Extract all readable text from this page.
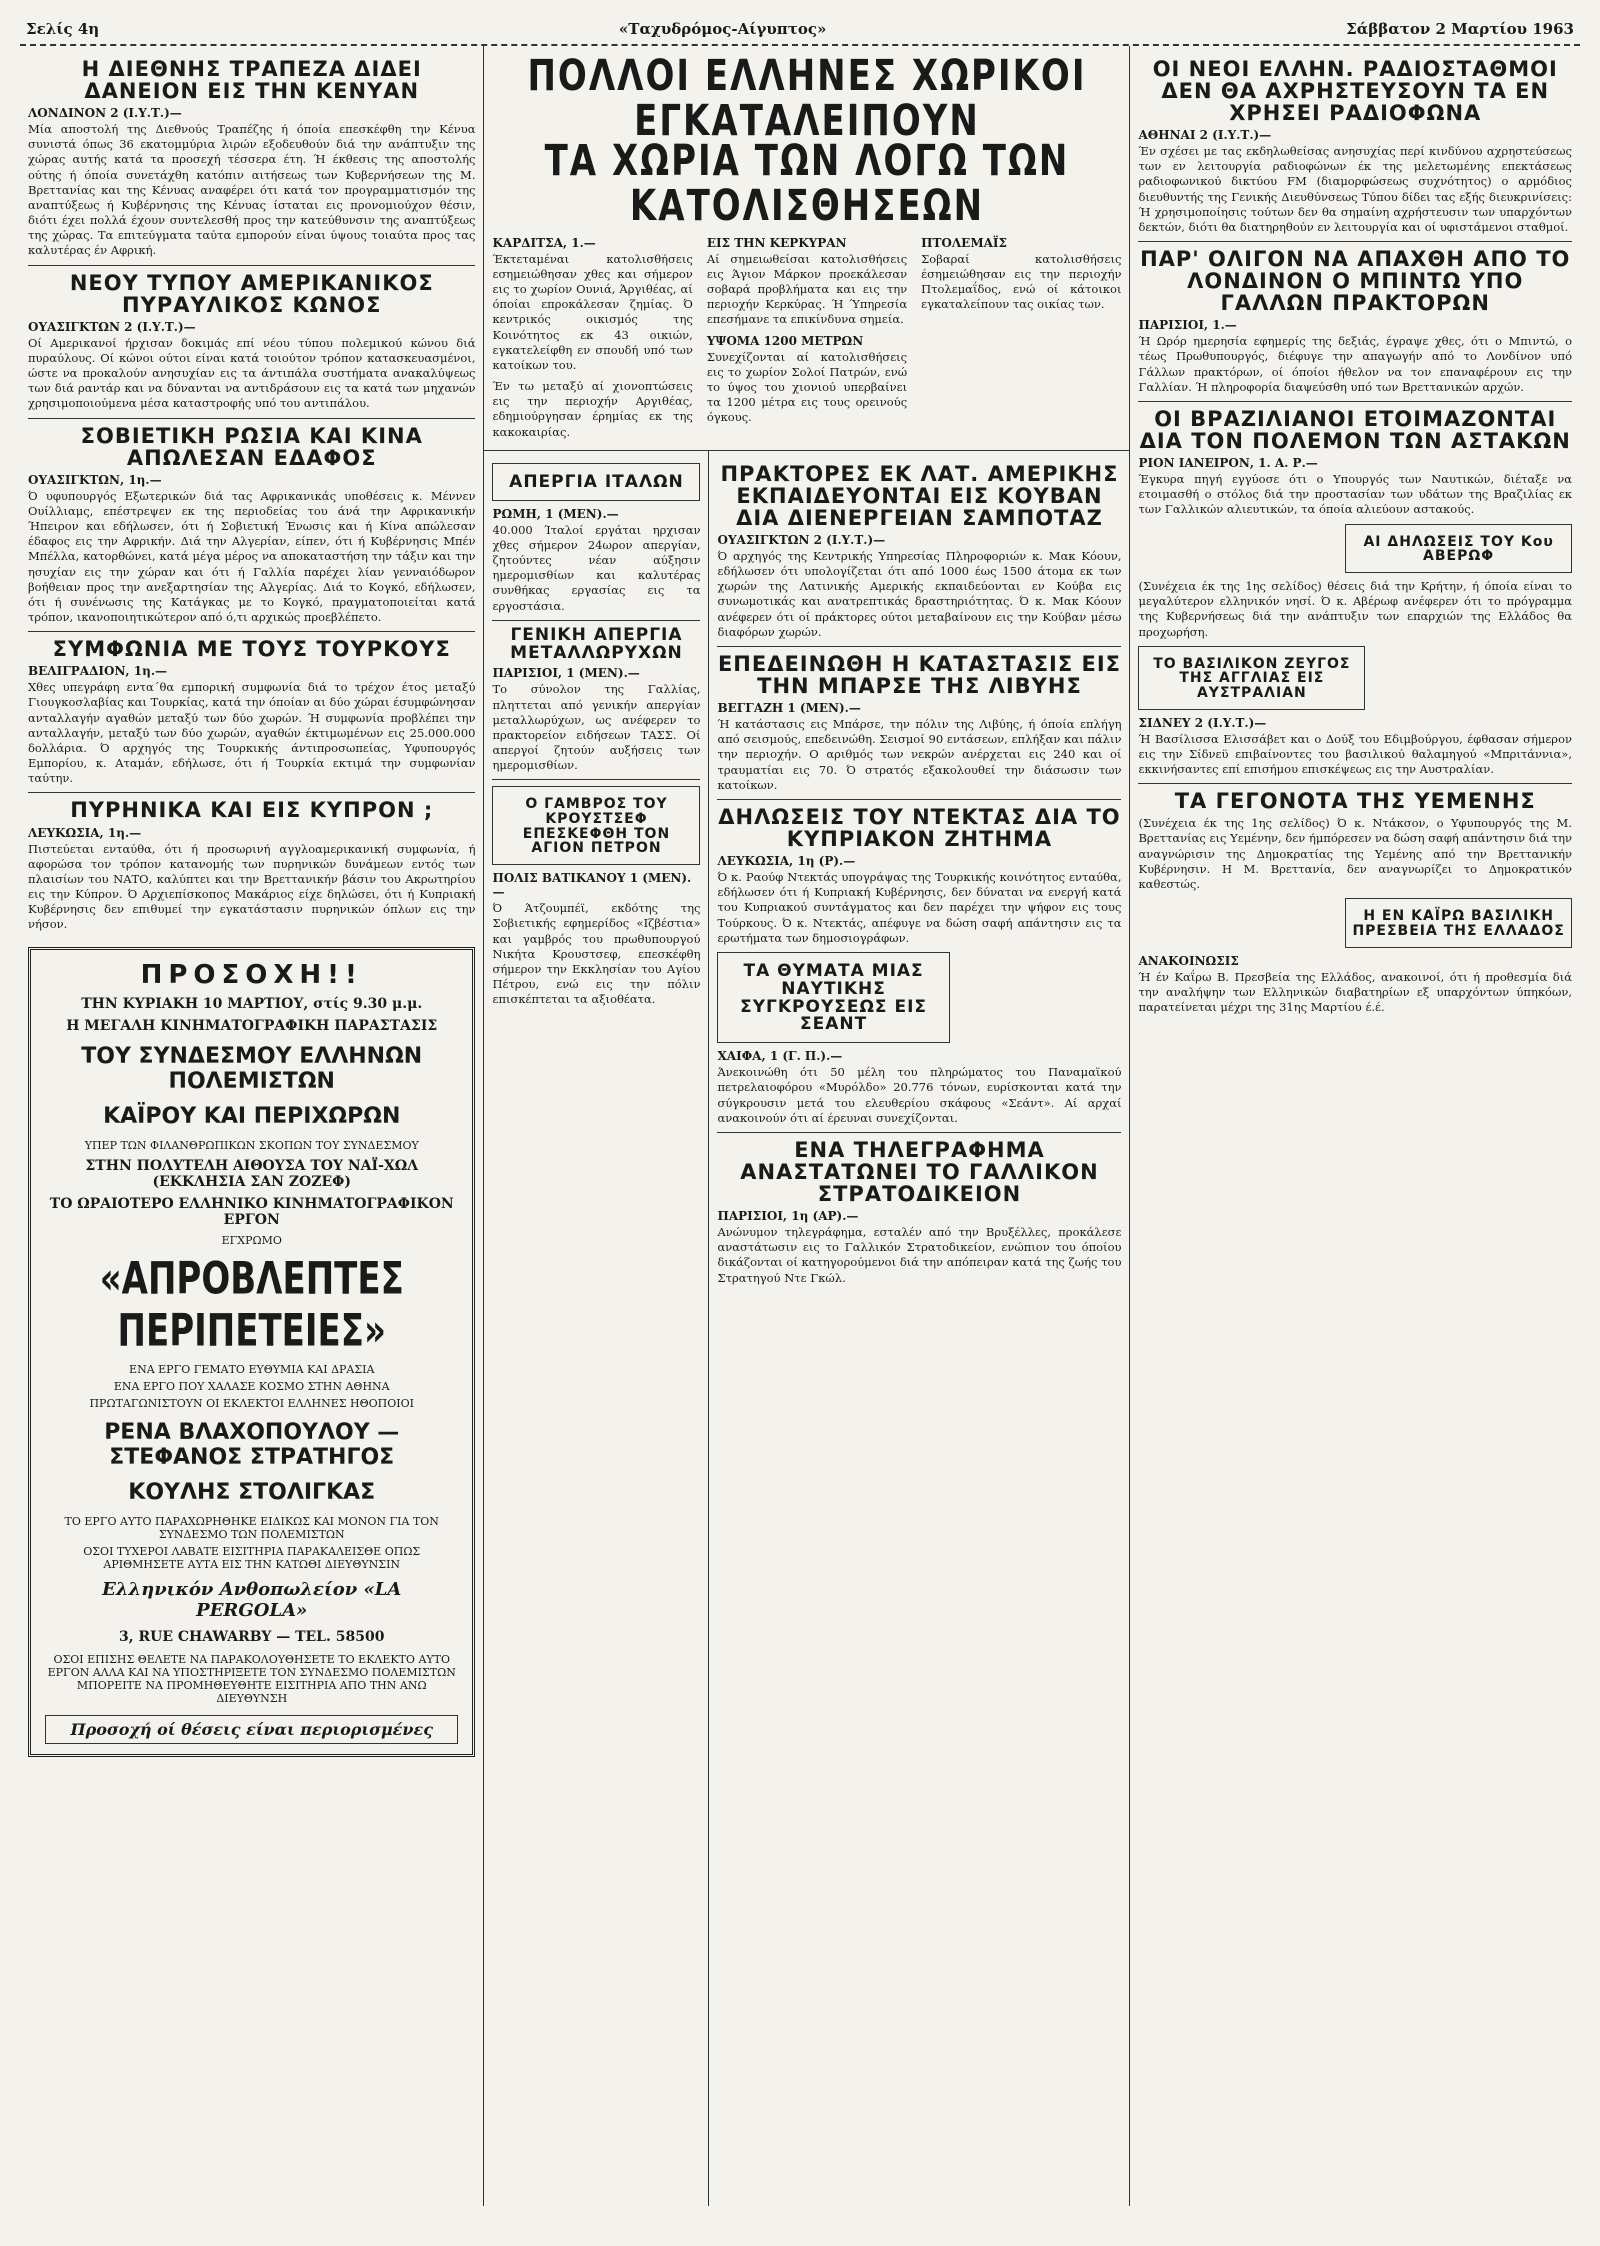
Σελίς 4η	«Ταχυδρόμος-Αίγυπτος»	Σάββατον 2 Μαρτίου 1963
Η ΔΙΕΘΝΗΣ ΤΡΑΠΕΖΑ ΔΙΔΕΙ ΔΑΝΕΙΟΝ ΕΙΣ ΤΗΝ ΚΕΝΥΑΝ
ΛΟΝΔΙΝΟΝ 2 (Ι.Υ.Τ.)—

Μία αποστολή της Διεθνούς Τραπέζης ή όποία επεσκέφθη την Κένυα συνιστά όπως 36 εκατομμύρια λιρών εξοδευθούν διά την ανάπτυξιν της χώρας αυτής κατά τα προσεχή τέσσερα έτη. Ή έκθεσις της αποστολής ούτης ή όποία συνετάχθη κατόπιν αιτήσεως των Κυβερνήσεων της Μ. Βρεττανίας και της Κένυας αναφέρει ότι κατά τον προγραμματισμόν της αναπτύξεως ή Κυβέρνησις της Κένυας ίσταται εις προνομιούχον θέσιν, διότι έχει πολλά έχουν συντελεσθή προς την κατεύθυνσιν της αναπτύξεως της χώρας. Τα επιτεύγματα ταύτα εμπορούν είναι ύψους τοιαύτα προς τας καλυτέρας έν Αφρική.

ΝΕΟΥ ΤΥΠΟΥ ΑΜΕΡΙΚΑΝΙΚΟΣ ΠΥΡΑΥΛΙΚΟΣ ΚΩΝΟΣ
ΟΥΑΣΙΓΚΤΩΝ 2 (Ι.Υ.Τ.)—

Οί Αμερικανοί ήρχισαν δοκιμάς επί νέου τύπου πολεμικού κώνου διά πυραύλους. Οί κώνοι ούτοι είναι κατά τοιούτον τρόπον κατασκευασμένοι, ώστε να προκαλούν ανησυχίαν εις τα άντιπάλα συστήματα ανακαλύψεως των διά ραντάρ και να δύνανται να αντιδράσουν εις τα κατά των μηχανών χρησιμοποιούμενα μέσα καταστροφής υπό του αντιπάλου.

ΣΟΒΙΕΤΙΚΗ ΡΩΣΙΑ ΚΑΙ ΚΙΝΑ ΑΠΩΛΕΣΑΝ ΕΔΑΦΟΣ
ΟΥΑΣΙΓΚΤΩΝ, 1η.—

Ό υφυπουργός Εξωτερικών διά τας Αφρικανικάς υποθέσεις κ. Μέννεν Ουίλλιαμς, επέστρεψεν εκ της περιοδείας του άνά την Αφρικανικήν Ήπειρον και εδήλωσεν, ότι ή Σοβιετική Ένωσις και ή Κίνα απώλεσαν έδαφος εις την Αφρικήν. Διά την Αλγερίαν, είπεν, ότι ή Κυβέρνησις Μπέν Μπέλλα, κατορθώνει, κατά μέγα μέρος να αποκαταστήση την τάξιν και την ησυχίαν εις την χώραν και ότι ή Γαλλία παρέχει λίαν γενναιόδωρον βοήθειαν προς την ανεξαρτησίαν της Αλγερίας. Διά το Κογκό, εδήλωσεν, ότι ή συνένωσις της Κατάγκας με το Κογκό, πραγματοποιείται κατά τρόπον, ικανοποιητικώτερον από ό,τι αρχικώς προεβλέπετο.

ΣΥΜΦΩΝΙΑ ΜΕ ΤΟΥΣ ΤΟΥΡΚΟΥΣ
ΒΕΛΙΓΡΑΔΙΟΝ, 1η.—

Χθες υπεγράφη εντα΄θα εμπορική συμφωνία διά το τρέχον έτος μεταξύ Γιουγκοσλαβίας και Τουρκίας, κατά την όποίαν αι δύο χώραι έσυμφώνησαν ανταλλαγήν αγαθών μεταξύ των δύο χωρών. Ή συμφωνία προβλέπει την ανταλλαγήν, μεταξύ των δύο χωρών, αγαθών έκτιμωμένων εις 25.000.000 δολλάρια. Ό αρχηγός της Τουρκικής άντιπροσωπείας, Υφυπουργός Εμπορίου, κ. Αταμάν, εδήλωσε, ότι ή Τουρκία εκτιμά την συμφωνίαν ταύτην.

ΠΥΡΗΝΙΚΑ ΚΑΙ ΕΙΣ ΚΥΠΡΟΝ ;
ΛΕΥΚΩΣΙΑ, 1η.—

Πιστεύεται ενταύθα, ότι ή προσωρινή αγγλοαμερικανική συμφωνία, ή αφορώσα τον τρόπον κατανομής των πυρηνικών δυνάμεων εντός των πλαισίων του ΝΑΤΟ, καλύπτει και την Βρεττανικήν βάσιν του Ακρωτηρίου εις την Κύπρον. Ό Αρχιεπίσκοπος Μακάριος είχε δηλώσει, ότι ή Κυπριακή Κυβέρνησις δεν επιθυμεί την εγκατάστασιν πυρηνικών όπλων εις την νήσον.

ΠΡΟΣΟΧΗ!!
ΤΗΝ ΚΥΡΙΑΚΗ 10 ΜΑΡΤΙΟΥ, στίς 9.30 μ.μ.
Η ΜΕΓΑΛΗ ΚΙΝΗΜΑΤΟΓΡΑΦΙΚΗ ΠΑΡΑΣΤΑΣΙΣ
ΤΟΥ ΣΥΝΔΕΣΜΟΥ ΕΛΛΗΝΩΝ ΠΟΛΕΜΙΣΤΩΝ
ΚΑΪΡΟΥ ΚΑΙ ΠΕΡΙΧΩΡΩΝ
ΥΠΕΡ ΤΩΝ ΦΙΛΑΝΘΡΩΠΙΚΩΝ ΣΚΟΠΩΝ ΤΟΥ ΣΥΝΔΕΣΜΟΥ
ΣΤΗΝ ΠΟΛΥΤΕΛΗ ΑΙΘΟΥΣΑ ΤΟΥ ΝΑΪ-ΧΩΛ (ΕΚΚΛΗΣΙΑ ΣΑΝ ΖΟΖΕΦ)
ΤΟ ΩΡΑΙΟΤΕΡΟ ΕΛΛΗΝΙΚΟ ΚΙΝΗΜΑΤΟΓΡΑΦΙΚΟΝ ΕΡΓΟΝ
ΕΓΧΡΩΜΟ
«ΑΠΡΟΒΛΕΠΤΕΣ ΠΕΡΙΠΕΤΕΙΕΣ»
ΕΝΑ ΕΡΓΟ ΓΕΜΑΤΟ ΕΥΘΥΜΙΑ ΚΑΙ ΔΡΑΣΙΑ
ΕΝΑ ΕΡΓΟ ΠΟΥ ΧΑΛΑΣΕ ΚΟΣΜΟ ΣΤΗΝ ΑΘΗΝΑ
ΠΡΩΤΑΓΩΝΙΣΤΟΥΝ ΟΙ ΕΚΛΕΚΤΟΙ ΕΛΛΗΝΕΣ ΗΘΟΠΟΙΟΙ
ΡΕΝΑ ΒΛΑΧΟΠΟΥΛΟΥ — ΣΤΕΦΑΝΟΣ ΣΤΡΑΤΗΓΟΣ
ΚΟΥΛΗΣ ΣΤΟΛΙΓΚΑΣ
ΤΟ ΕΡΓΟ ΑΥΤΟ ΠΑΡΑΧΩΡΗΘΗΚΕ ΕΙΔΙΚΩΣ ΚΑΙ ΜΟΝΟΝ ΓΙΑ ΤΟΝ ΣΥΝΔΕΣΜΟ ΤΩΝ ΠΟΛΕΜΙΣΤΩΝ
ΟΣΟΙ ΤΥΧΕΡΟΙ ΛΑΒΑΤΕ ΕΙΣΙΤΗΡΙΑ ΠΑΡΑΚΑΛΕΙΣΘΕ ΟΠΩΣ ΑΡΙΘΜΗΣΕΤΕ ΑΥΤΑ ΕΙΣ ΤΗΝ ΚΑΤΩΘΙ ΔΙΕΥΘΥΝΣΙΝ
Ελληνικόν Ανθοπωλείον «LA PERGOLA»
3, RUE CHAWARBY — TEL. 58500
ΟΣΟΙ ΕΠΙΣΗΣ ΘΕΛΕΤΕ ΝΑ ΠΑΡΑΚΟΛΟΥΘΗΣΕΤΕ ΤΟ ΕΚΛΕΚΤΟ ΑΥΤΟ ΕΡΓΟΝ ΑΛΛΑ ΚΑΙ ΝΑ ΥΠΟΣΤΗΡΙΞΕΤΕ ΤΟΝ ΣΥΝΔΕΣΜΟ ΠΟΛΕΜΙΣΤΩΝ ΜΠΟΡΕΙΤΕ ΝΑ ΠΡΟΜΗΘΕΥΘΗΤΕ ΕΙΣΙΤΗΡΙΑ ΑΠΟ ΤΗΝ ΑΝΩ ΔΙΕΥΘΥΝΣΗ
Προσοχή οί θέσεις είναι περιορισμένες
ΠΟΛΛΟΙ ΕΛΛΗΝΕΣ ΧΩΡΙΚΟΙ ΕΓΚΑΤΑΛΕΙΠΟΥΝ
ΤΑ ΧΩΡΙΑ ΤΩΝ ΛΟΓΩ ΤΩΝ ΚΑΤΟΛΙΣΘΗΣΕΩΝ
ΚΑΡΔΙΤΣΑ, 1.—

Έκτεταμέναι κατολισθήσεις εσημειώθησαν χθες και σήμερον εις το χωρίον Ουνιά, Άργιθέας, αί όποίαι επροκάλεσαν ζημίας. Ό κεντρικός οικισμός της Κοινότητος εκ 43 οικιών, εγκατελείφθη εν σπουδή υπό των κατοίκων του.

Έν τω μεταξύ αί χιονοπτώσεις εις την περιοχήν Αργιθέας, εδημιούργησαν έρημίας εκ της κακοκαιρίας.

ΕΙΣ ΤΗΝ ΚΕΡΚΥΡΑΝ

Αί σημειωθείσαι κατολισθήσεις εις Άγιον Μάρκον προεκάλεσαν σοβαρά προβλήματα και εις την περιοχήν Κερκύρας. Ή Ύπηρεσία επεσήμανε τα επικίνδυνα σημεία.

ΥΨΟΜΑ 1200 ΜΕΤΡΩΝ

Συνεχίζονται αί κατολισθήσεις εις το χωρίον Σολοί Πατρών, ενώ το ύψος του χιονιού υπερβαίνει τα 1200 μέτρα εις τους ορεινούς όγκους.

ΠΤΟΛΕΜΑΪΣ

Σοβαραί κατολισθήσεις έσημειώθησαν εις την περιοχήν Πτολεμαΐδος, ενώ οί κάτοικοι εγκαταλείπουν τας οικίας των.

ΑΠΕΡΓΙΑ ΙΤΑΛΩΝ
ΡΩΜΗ, 1 (ΜΕΝ).—

40.000 Ίταλοί εργάται ηρχισαν χθες σήμερον 24ωρον απεργίαν, ζητούντες νέαν αύξησιν ημερομισθίων και καλυτέρας συνθήκας εργασίας εις τα εργοστάσια.

ΓΕΝΙΚΗ ΑΠΕΡΓΙΑ ΜΕΤΑΛΛΩΡΥΧΩΝ
ΠΑΡΙΣΙΟΙ, 1 (ΜΕΝ).—

Το σύνολον της Γαλλίας, πληττεται από γενικήν απεργίαν μεταλλωρύχων, ως ανέφερεν το πρακτορείον ειδήσεων ΤΑΣΣ. Οί απεργοί ζητούν αυξήσεις των ημερομισθίων.

Ο ΓΑΜΒΡΟΣ ΤΟΥ ΚΡΟΥΣΤΣΕΦ ΕΠΕΣΚΕΦΘΗ ΤΟΝ ΑΓΙΟΝ ΠΕΤΡΟΝ
ΠΟΛΙΣ ΒΑΤΙΚΑΝΟΥ 1 (ΜΕΝ).—

Ό Άτζουμπέϊ, εκδότης της Σοβιετικής εφημερίδος «Ιζβέστια» και γαμβρός του πρωθυπουργού Νικήτα Κρουστσεφ, επεσκέφθη σήμερον την Εκκλησίαν του Αγίου Πέτρου, ενώ εις την πόλιν επισκέπτεται τα αξιοθέατα.

ΠΡΑΚΤΟΡΕΣ ΕΚ ΛΑΤ. ΑΜΕΡΙΚΗΣ ΕΚΠΑΙΔΕΥΟΝΤΑΙ ΕΙΣ ΚΟΥΒΑΝ ΔΙΑ ΔΙΕΝΕΡΓΕΙΑΝ ΣΑΜΠΟΤΑΖ
ΟΥΑΣΙΓΚΤΩΝ 2 (Ι.Υ.Τ.)—

Ό αρχηγός της Κεντρικής Υπηρεσίας Πληροφοριών κ. Μακ Κόουν, εδήλωσεν ότι υπολογίζεται ότι από 1000 έως 1500 άτομα εκ των χωρών της Λατινικής Αμερικής εκπαιδεύονται εν Κούβα εις συνωμοτικάς και ανατρεπτικάς δραστηριότητας. Ό κ. Μακ Κόουν ανέφερεν ότι οί πράκτορες ούτοι μεταβαίνουν εις την Κούβαν μέσω διαφόρων χωρών.

ΕΠΕΔΕΙΝΩΘΗ Η ΚΑΤΑΣΤΑΣΙΣ ΕΙΣ ΤΗΝ ΜΠΑΡΣΕ ΤΗΣ ΛΙΒΥΗΣ
ΒΕΓΓΑΖΗ 1 (ΜΕΝ).—

Ή κατάστασις εις Μπάρσε, την πόλιν της Λιβύης, ή όποία επλήγη από σεισμούς, επεδεινώθη. Σεισμοί 90 εντάσεων, επλήξαν και πάλιν την περιοχήν. Ο αριθμός των νεκρών ανέρχεται εις 240 και οί τραυματίαι εις 70. Ό στρατός εξακολουθεί την διάσωσιν των κατοίκων.

ΔΗΛΩΣΕΙΣ ΤΟΥ ΝΤΕΚΤΑΣ ΔΙΑ ΤΟ ΚΥΠΡΙΑΚΟΝ ΖΗΤΗΜΑ
ΛΕΥΚΩΣΙΑ, 1η (Ρ).—

Ό κ. Ραούφ Ντεκτάς υπογράψας της Τουρκικής κοινότητος ενταύθα, εδήλωσεν ότι ή Κυπριακή Κυβέρνησις, δεν δύναται να ενεργή κατά του Κυπριακού συντάγματος και δεν παρέχει την ψήφον εις τους Τούρκους. Ό κ. Ντεκτάς, απέφυγε να δώση σαφή απάντησιν εις τα ερωτήματα των δημοσιογράφων.

ΤΑ ΘΥΜΑΤΑ ΜΙΑΣ ΝΑΥΤΙΚΗΣ ΣΥΓΚΡΟΥΣΕΩΣ ΕΙΣ ΣΕΑΝΤ
ΧΑΙΦΑ, 1 (Γ. Π.).—

Άνεκοινώθη ότι 50 μέλη του πληρώματος του Παναμαϊκού πετρελαιοφόρου «Μυρόλδο» 20.776 τόνων, ευρίσκονται κατά την σύγκρουσιν μετά του ελευθερίου σκάφους «Σεάντ». Αί αρχαί ανακοινούν ότι αί έρευναι συνεχίζονται.

ΕΝΑ ΤΗΛΕΓΡΑΦΗΜΑ ΑΝΑΣΤΑΤΩΝΕΙ ΤΟ ΓΑΛΛΙΚΟΝ ΣΤΡΑΤΟΔΙΚΕΙΟΝ
ΠΑΡΙΣΙΟΙ, 1η (ΑΡ).—

Ανώνυμον τηλεγράφημα, εσταλέν από την Βρυξέλλες, προκάλεσε αναστάτωσιν εις το Γαλλικόν Στρατοδικείον, ενώπιον του όποίου δικάζονται οί κατηγορούμενοι διά την απόπειραν κατά της ζωής του Στρατηγού Ντε Γκώλ.

ΟΙ ΝΕΟΙ ΕΛΛΗΝ. ΡΑΔΙΟΣΤΑΘΜΟΙ ΔΕΝ ΘΑ ΑΧΡΗΣΤΕΥΣΟΥΝ ΤΑ ΕΝ ΧΡΗΣΕΙ ΡΑΔΙΟΦΩΝΑ
ΑΘΗΝΑΙ 2 (Ι.Υ.Τ.)—

Έν σχέσει με τας εκδηλωθείσας ανησυχίας περί κινδύνου αχρηστεύσεως των εν λειτουργία ραδιοφώνων έκ της μελετωμένης επεκτάσεως ραδιοφωνικού δικτύου FM (διαμορφώσεως συχνότητος) ο αρμόδιος διευθυντής της Γενικής Διευθύνσεως Τύπου δίδει τας εξής διευκρινίσεις: Ή χρησιμοποίησις τούτων δεν θα σημαίνη αχρήστευσιν των υπαρχόντων δεκτών, διότι θα διατηρηθούν εν λειτουργία και οί υφιστάμενοι σταθμοί.

ΠΑΡ' ΟΛΙΓΟΝ ΝΑ ΑΠΑΧΘΗ ΑΠΟ ΤΟ ΛΟΝΔΙΝΟΝ Ο ΜΠΙΝΤΩ ΥΠΟ ΓΑΛΛΩΝ ΠΡΑΚΤΟΡΩΝ
ΠΑΡΙΣΙΟΙ, 1.—

Ή Ωρόρ ημερησία εφημερίς της δεξιάς, έγραψε χθες, ότι ο Μπιντώ, ο τέως Πρωθυπουργός, διέφυγε την απαγωγήν από το Λονδίνον υπό Γάλλων πρακτόρων, οί όποίοι ήθελον να τον επαναφέρουν εις την Γαλλίαν. Ή πληροφορία διαψεύσθη υπό των Βρεττανικών αρχών.

ΟΙ ΒΡΑΖΙΛΙΑΝΟΙ ΕΤΟΙΜΑΖΟΝΤΑΙ ΔΙΑ ΤΟΝ ΠΟΛΕΜΟΝ ΤΩΝ ΑΣΤΑΚΩΝ
ΡΙΟΝ ΙΑΝΕΙΡΟΝ, 1. Α. Ρ.—

Έγκυρα πηγή εγγύοσε ότι ο Υπουργός των Ναυτικών, διέταξε να ετοιμασθή ο στόλος διά την προστασίαν των υδάτων της Βραζιλίας εκ των Γαλλικών αλιευτικών, τα όποία αλιεύουν αστακούς.

ΑΙ ΔΗΛΩΣΕΙΣ ΤΟΥ Κου ΑΒΕΡΩΦ

(Συνέχεια έκ της 1ης σελίδος) θέσεις διά την Κρήτην, ή όποία είναι το μεγαλύτερον ελληνικόν νησί. Ό κ. Αβέρωφ ανέφερεν ότι το πρόγραμμα της Κυβερνήσεως διά την ανάπτυξιν των επαρχιών της Ελλάδος θα προχωρήση.

ΤΟ ΒΑΣΙΛΙΚΟΝ ΖΕΥΓΟΣ ΤΗΣ ΑΓΓΛΙΑΣ ΕΙΣ ΑΥΣΤΡΑΛΙΑΝ
ΣΙΔΝΕΥ 2 (Ι.Υ.Τ.)—

Ή Βασίλισσα Ελισσάβετ και ο Δούξ του Εδιμβούργου, έφθασαν σήμερον εις την Σίδνεϋ επιβαίνοντες του βασιλικού θαλαμηγού «Μπριτάννια», εκκινήσαντες επί επισήμου επισκέψεως εις την Αυστραλίαν.

ΤΑ ΓΕΓΟΝΟΤΑ ΤΗΣ ΥΕΜΕΝΗΣ

(Συνέχεια έκ της 1ης σελίδος) Ό κ. Ντάκσον, ο Υφυπουργός της Μ. Βρεττανίας εις Υεμένην, δεν ήμπόρεσεν να δώση σαφή απάντησιν διά την αναγνώρισιν της Δημοκρατίας της Υεμένης από την Βρεττανικήν Κυβέρνησιν. Η Μ. Βρεττανία, δεν αναγνωρίζει το Δημοκρατικόν καθεστώς.

Η ΕΝ ΚΑΪΡΩ ΒΑΣΙΛΙΚΗ ΠΡΕΣΒΕΙΑ ΤΗΣ ΕΛΛΑΔΟΣ
ΑΝΑΚΟΙΝΩΣΙΣ

Ή έν Καΐρω Β. Πρεσβεία της Ελλάδος, ανακοινοί, ότι ή προθεσμία διά την αναλήψην των Ελληνικών διαβατηρίων εξ υπαρχόντων ύπηκόων, παρατείνεται μέχρι της 31ης Μαρτίου έ.έ.
